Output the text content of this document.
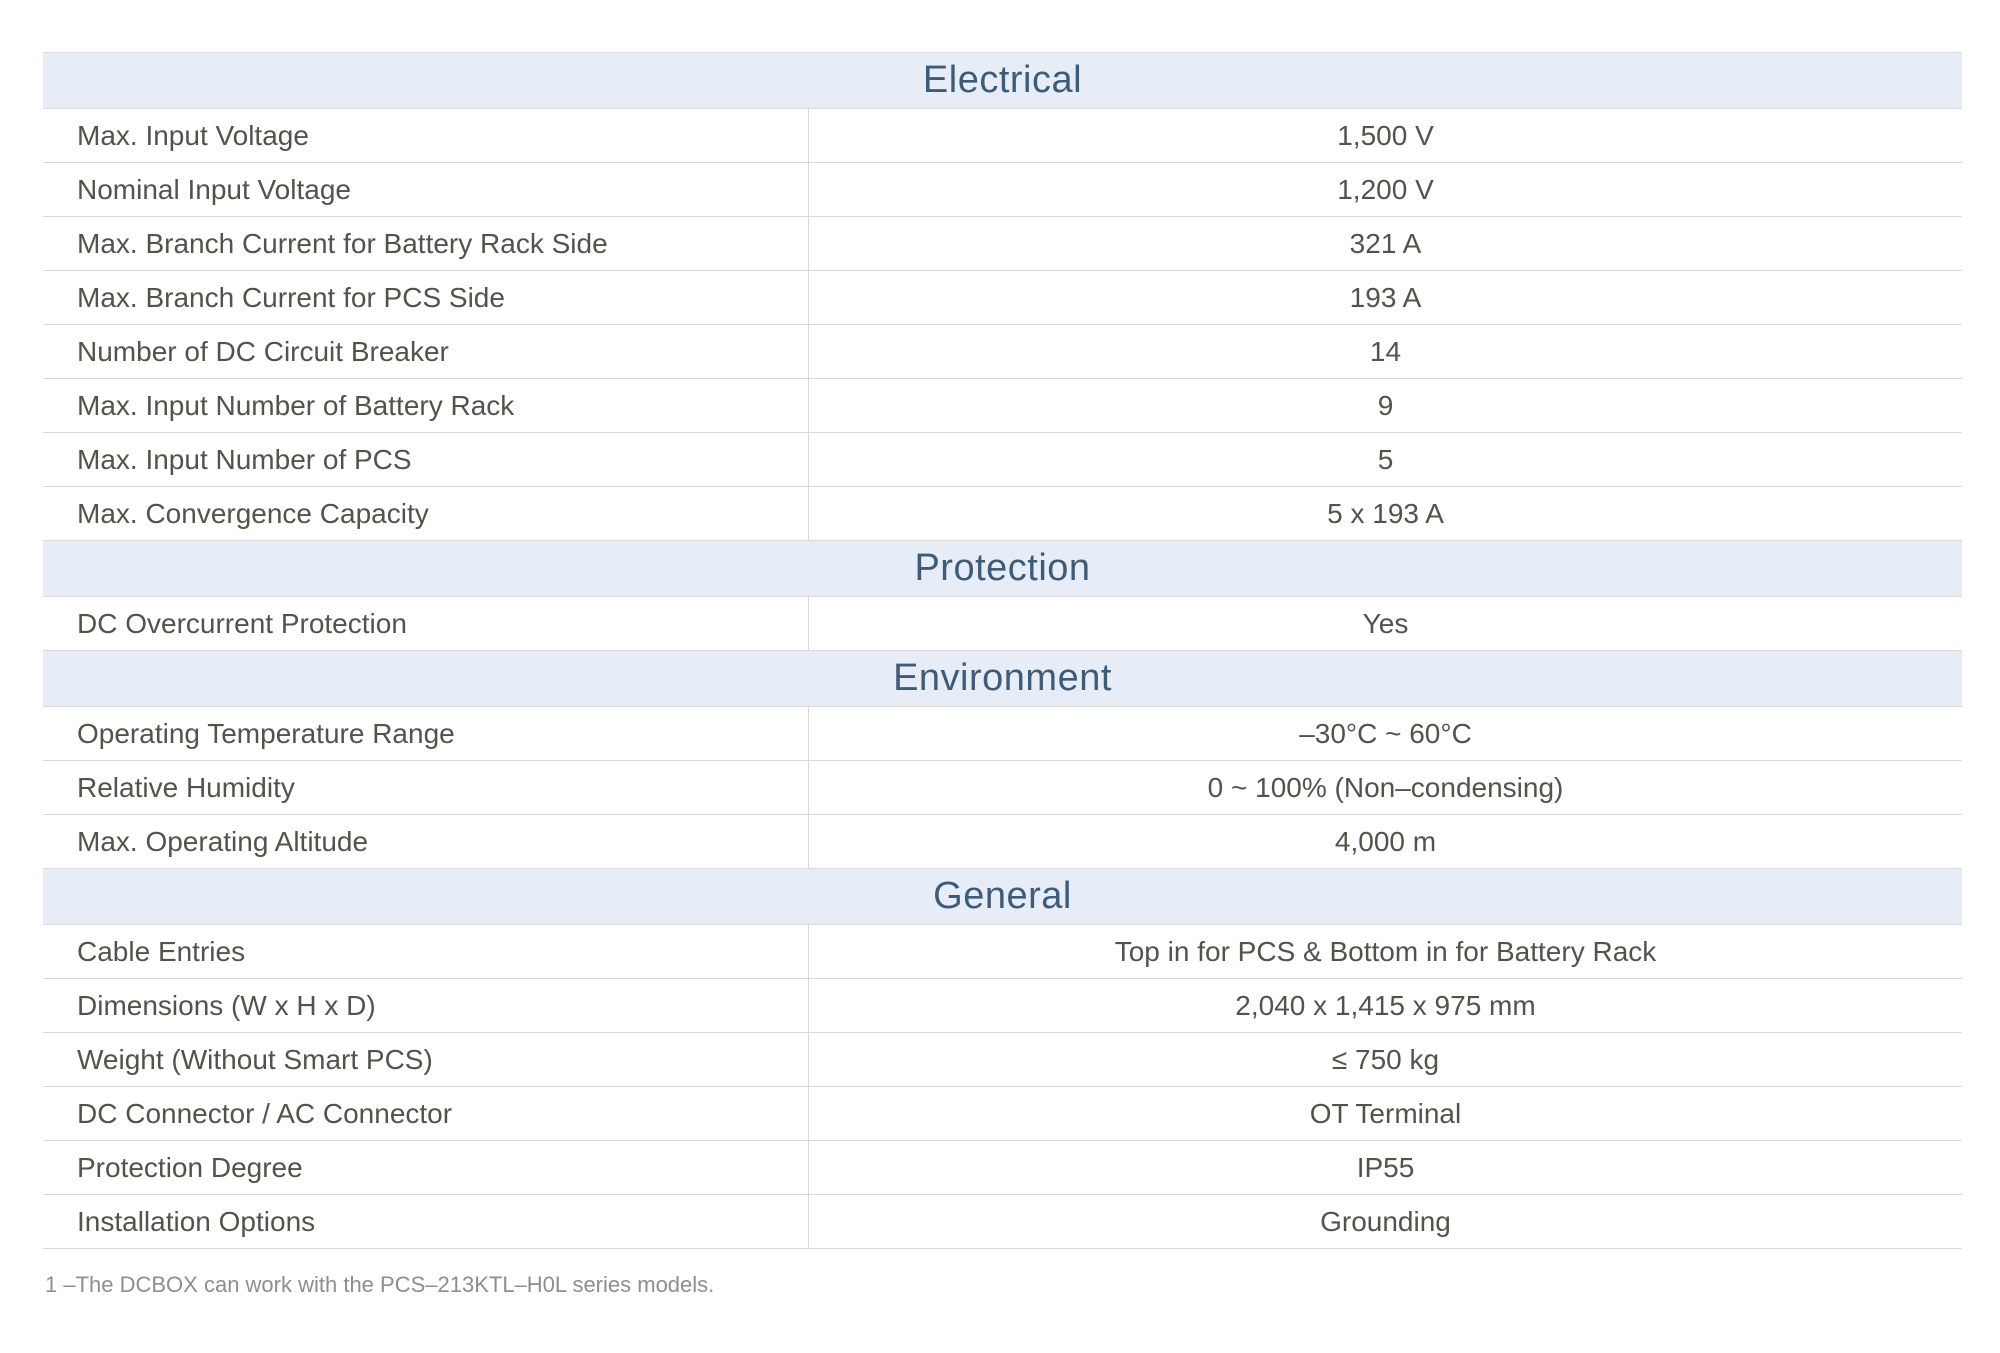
Electrical
Max. Input Voltage	1,500 V
Nominal Input Voltage	1,200 V
Max. Branch Current for Battery Rack Side	321 A
Max. Branch Current for PCS Side	193 A
Number of DC Circuit Breaker	14
Max. Input Number of Battery Rack	9
Max. Input Number of PCS	5
Max. Convergence Capacity	5 x 193 A
Protection
DC Overcurrent Protection	Yes
Environment
Operating Temperature Range	–30°C ~ 60°C
Relative Humidity	0 ~ 100% (Non–condensing)
Max. Operating Altitude	4,000 m
General
Cable Entries	Top in for PCS & Bottom in for Battery Rack
Dimensions (W x H x D)	2,040 x 1,415 x 975 mm
Weight (Without Smart PCS)	≤ 750 kg
DC Connector / AC Connector	OT Terminal
Protection Degree	IP55
Installation Options	Grounding
1 –The DCBOX can work with the PCS–213KTL–H0L series models.
